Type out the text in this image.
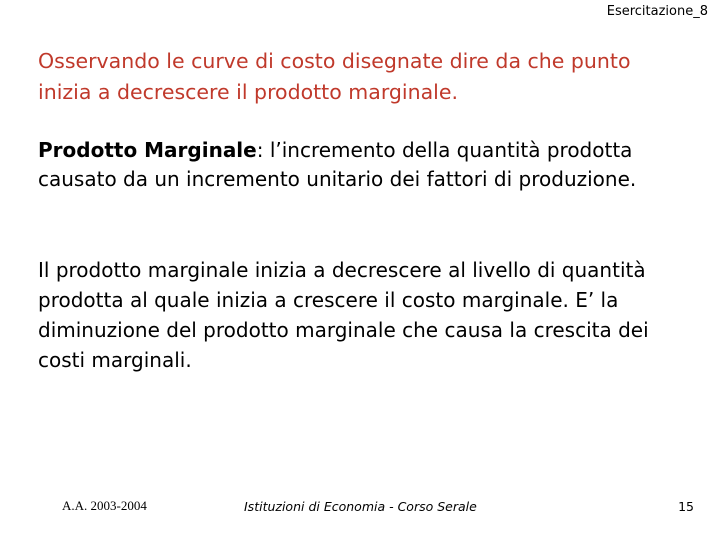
Esercitazione_8
Osservando le curve di costo disegnate dire da che punto inizia a decrescere il prodotto marginale.
Prodotto Marginale: l’incremento della quantità prodotta causato da un incremento unitario dei fattori di produzione.
Il prodotto marginale inizia a decrescere al livello di quantità prodotta al quale inizia a crescere il costo marginale. E’ la diminuzione del prodotto marginale che causa la crescita dei costi marginali.
A.A. 2003-2004	Istituzioni di Economia - Corso Serale	15
